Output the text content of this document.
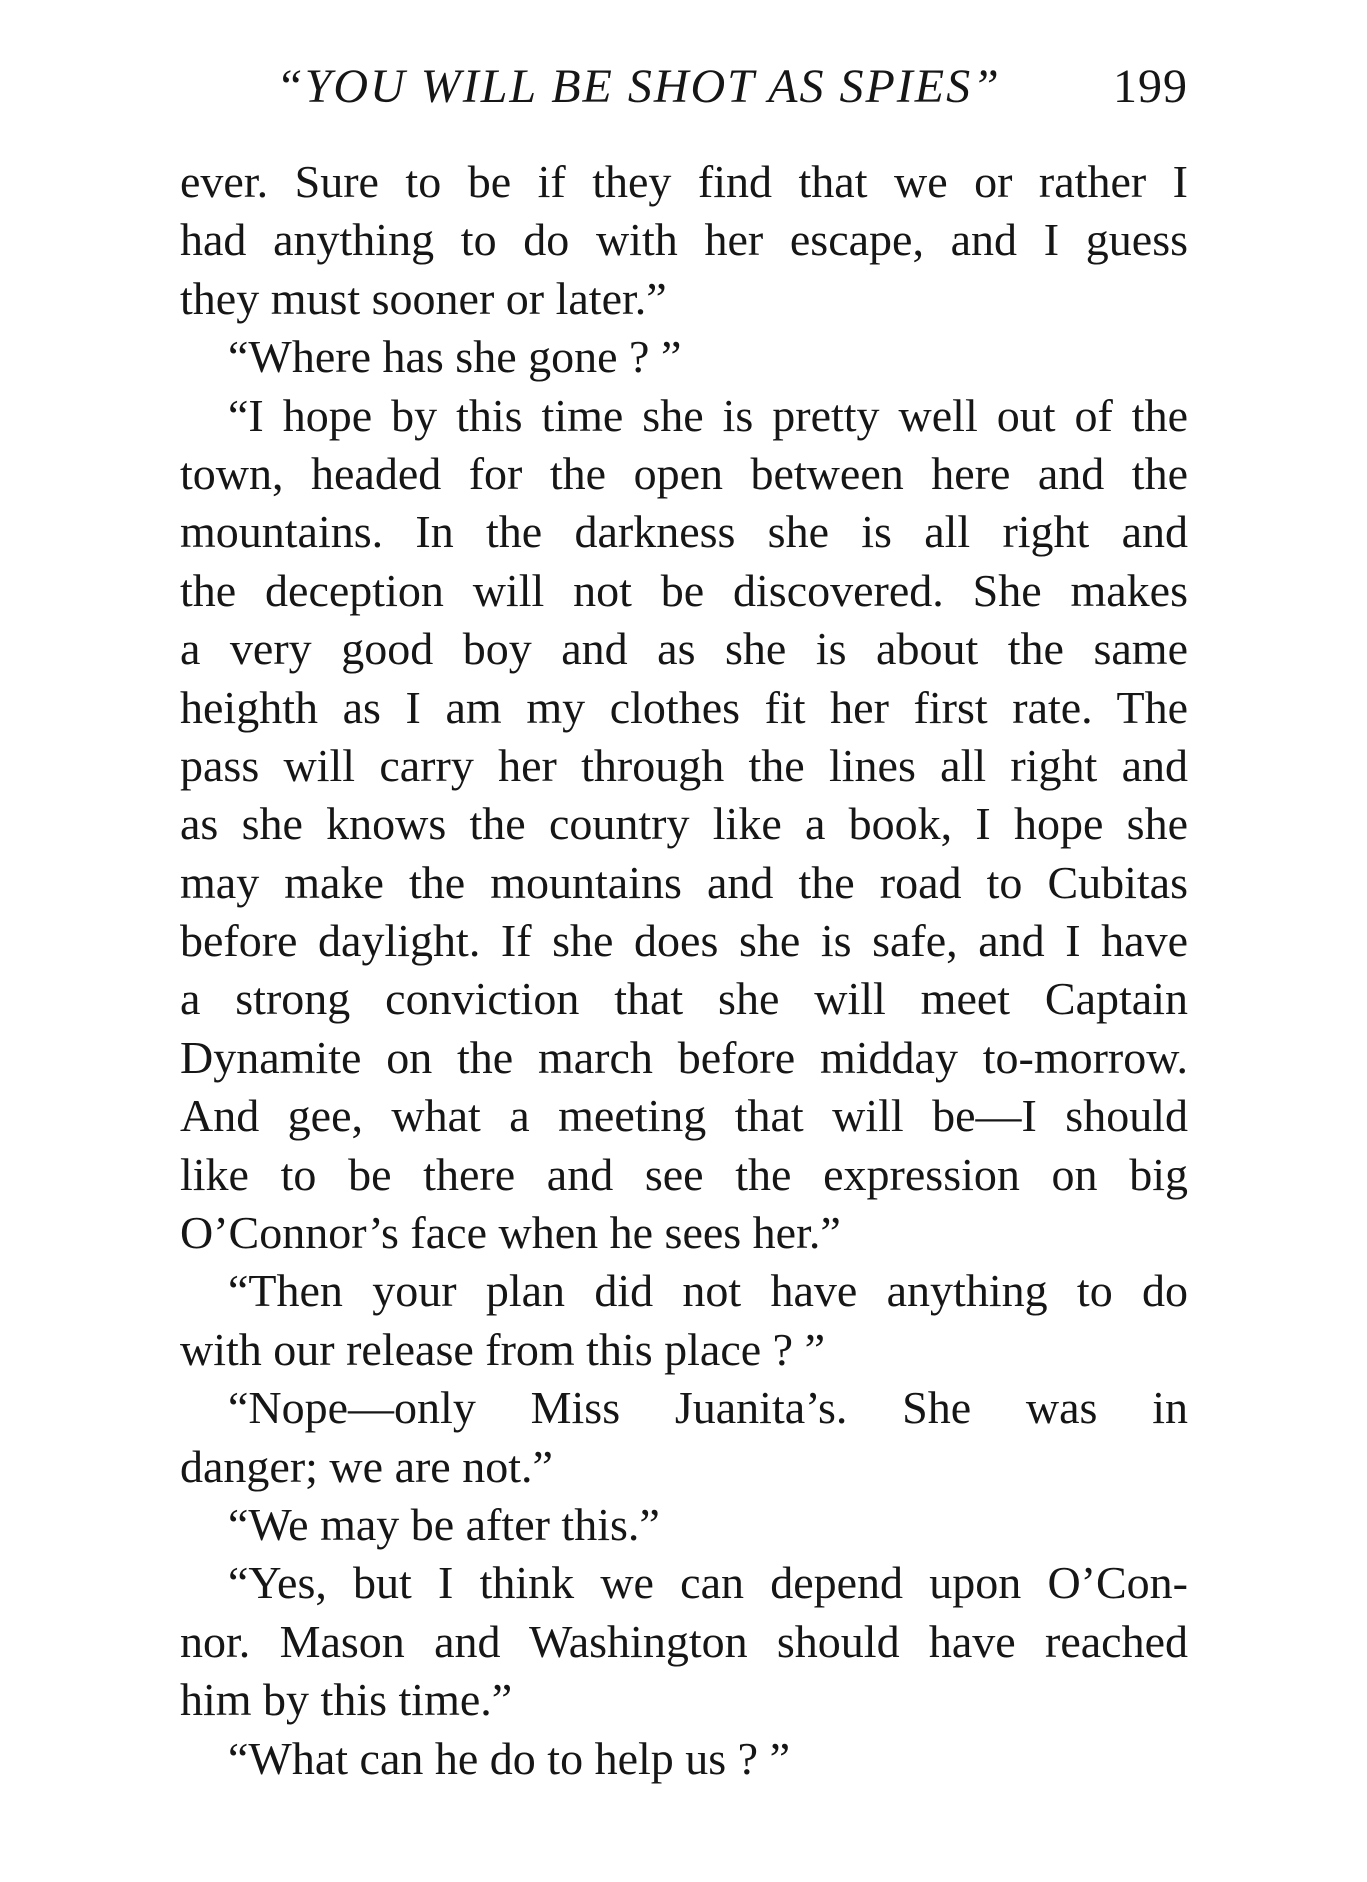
“YOU WILL BE SHOT AS SPIES” 199
ever. Sure to be if they find that we or rather I
had anything to do with her escape, and I guess
they must sooner or later.”
“Where has she gone ? ”
“I hope by this time she is pretty well out of the
town, headed for the open between here and the
mountains. In the darkness she is all right and
the deception will not be discovered. She makes
a very good boy and as she is about the same
heighth as I am my clothes fit her first rate. The
pass will carry her through the lines all right and
as she knows the country like a book, I hope she
may make the mountains and the road to Cubitas
before daylight. If she does she is safe, and I have
a strong conviction that she will meet Captain
Dynamite on the march before midday to-morrow.
And gee, what a meeting that will be—I should
like to be there and see the expression on big
O’Connor’s face when he sees her.”
“Then your plan did not have anything to do
with our release from this place ? ”
“Nope—only Miss Juanita’s. She was in
danger; we are not.”
“We may be after this.”
“Yes, but I think we can depend upon O’Con-
nor. Mason and Washington should have reached
him by this time.”
“What can he do to help us ? ”
